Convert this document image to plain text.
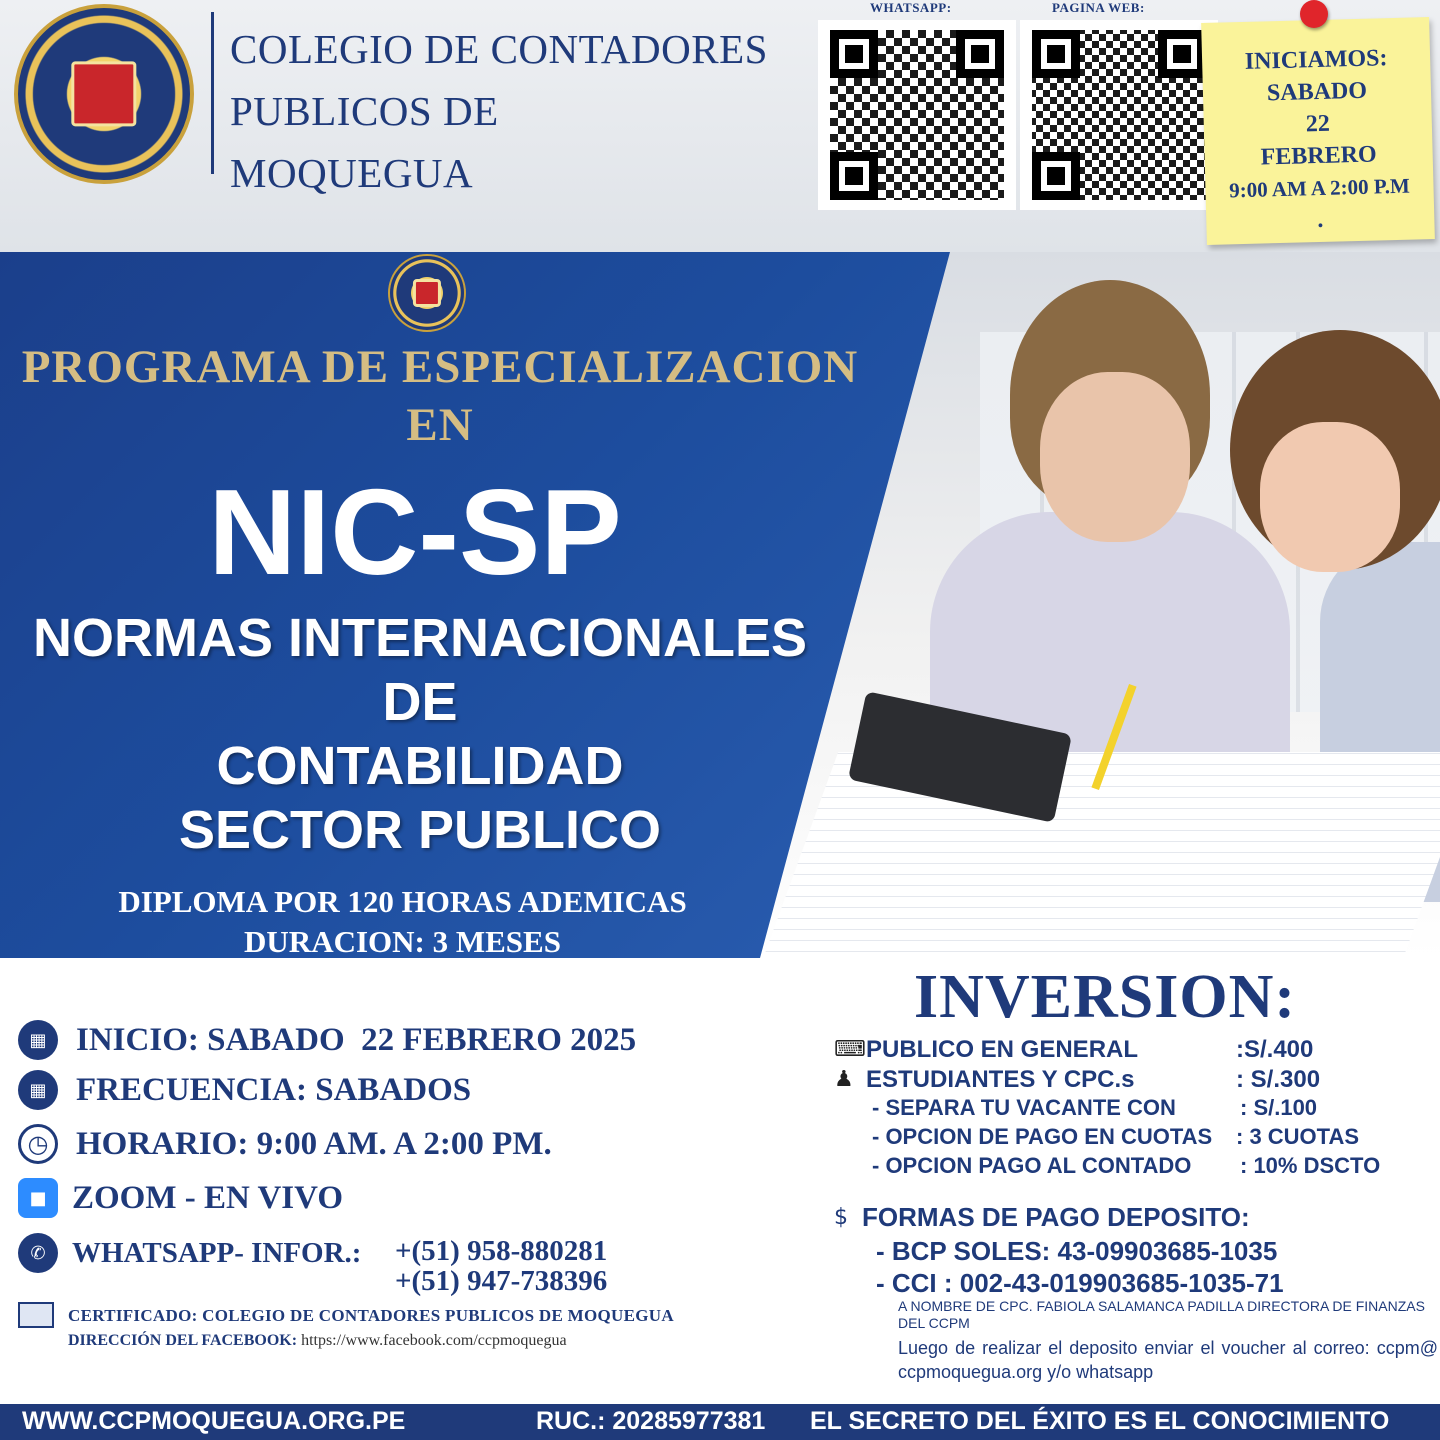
COLEGIO DE CONTADORES
PUBLICOS DE
MOQUEGUA
WHATSAPP:	PAGINA WEB:
INICIAMOS:
SABADO
22
FEBRERO
9:00 AM A 2:00 P.M
.
PROGRAMA DE ESPECIALIZACION
EN
NIC-SP
NORMAS INTERNACIONALES
DE
CONTABILIDAD
SECTOR PUBLICO
DIPLOMA POR 120 HORAS ADEMICAS
DURACION: 3 MESES
▦ INICIO: SABADO  22 FEBRERO 2025
▦ FRECUENCIA: SABADOS
◷ HORARIO: 9:00 AM. A 2:00 PM.
■ ZOOM - EN VIVO
✆ WHATSAPP- INFOR.: +(51) 958-880281
+(51) 947-738396
CERTIFICADO: COLEGIO DE CONTADORES PUBLICOS DE MOQUEGUA
DIRECCIÓN DEL FACEBOOK: https://www.facebook.com/ccpmoquegua
INVERSION:
⌨
♟
PUBLICO EN GENERAL	:S/.400
ESTUDIANTES Y CPC.s	: S/.300
- SEPARA TU VACANTE CON	: S/.100
- OPCION DE PAGO EN CUOTAS : 3 CUOTAS
- OPCION PAGO AL CONTADO : 10% DSCTO
$ FORMAS DE PAGO DEPOSITO:
- BCP SOLES: 43-09903685-1035
- CCI : 002-43-019903685-1035-71
A NOMBRE DE CPC. FABIOLA SALAMANCA PADILLA DIRECTORA DE FINANZAS DEL CCPM
Luego de realizar el deposito enviar el voucher al correo: ccpm@ ccpmoquegua.org y/o whatsapp
WWW.CCPMOQUEGUA.ORG.PE	RUC.: 20285977381 EL SECRETO DEL ÉXITO ES EL CONOCIMIENTO
